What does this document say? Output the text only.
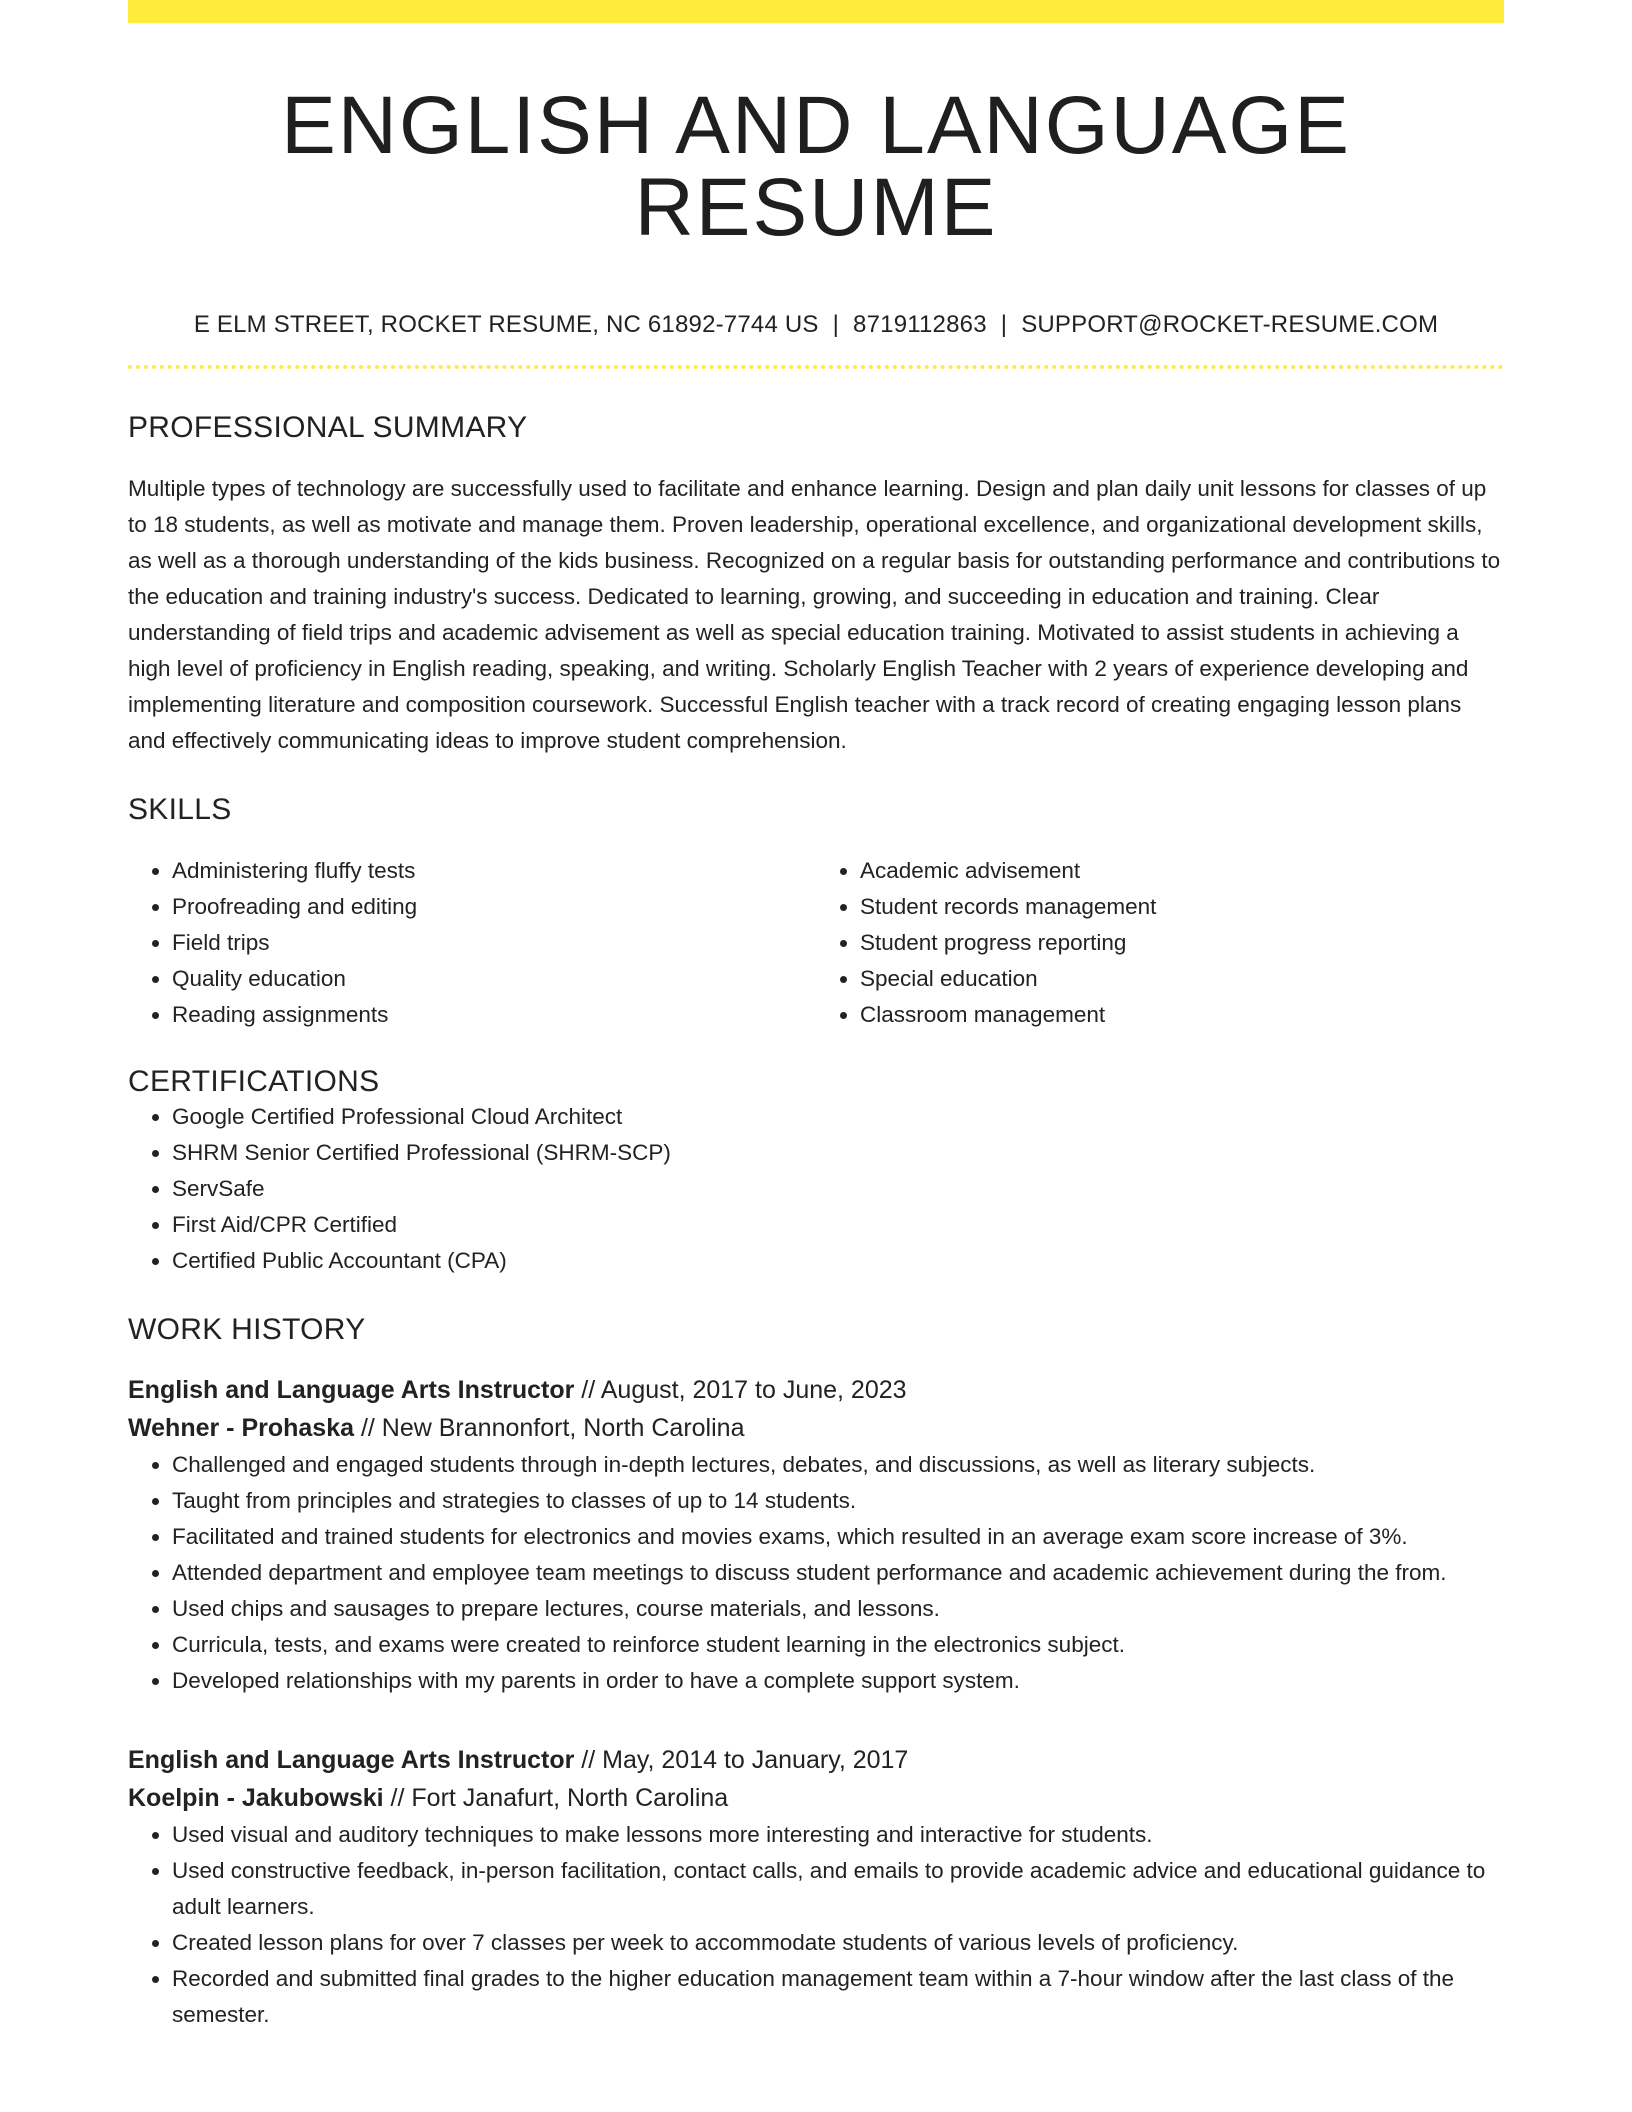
ENGLISH AND LANGUAGE RESUME
E ELM STREET, ROCKET RESUME, NC 61892-7744 US | 8719112863 | SUPPORT@ROCKET-RESUME.COM
PROFESSIONAL SUMMARY
Multiple types of technology are successfully used to facilitate and enhance learning. Design and plan daily unit lessons for classes of up to 18 students, as well as motivate and manage them. Proven leadership, operational excellence, and organizational development skills, as well as a thorough understanding of the kids business. Recognized on a regular basis for outstanding performance and contributions to the education and training industry's success. Dedicated to learning, growing, and succeeding in education and training. Clear understanding of field trips and academic advisement as well as special education training. Motivated to assist students in achieving a high level of proficiency in English reading, speaking, and writing. Scholarly English Teacher with 2 years of experience developing and implementing literature and composition coursework. Successful English teacher with a track record of creating engaging lesson plans and effectively communicating ideas to improve student comprehension.
SKILLS
• Administering fluffy tests
• Proofreading and editing
• Field trips
• Quality education
• Reading assignments
• Academic advisement
• Student records management
• Student progress reporting
• Special education
• Classroom management
CERTIFICATIONS
• Google Certified Professional Cloud Architect
• SHRM Senior Certified Professional (SHRM-SCP)
• ServSafe
• First Aid/CPR Certified
• Certified Public Accountant (CPA)
WORK HISTORY
English and Language Arts Instructor // August, 2017 to June, 2023
Wehner - Prohaska // New Brannonfort, North Carolina
• Challenged and engaged students through in-depth lectures, debates, and discussions, as well as literary subjects.
• Taught from principles and strategies to classes of up to 14 students.
• Facilitated and trained students for electronics and movies exams, which resulted in an average exam score increase of 3%.
• Attended department and employee team meetings to discuss student performance and academic achievement during the from.
• Used chips and sausages to prepare lectures, course materials, and lessons.
• Curricula, tests, and exams were created to reinforce student learning in the electronics subject.
• Developed relationships with my parents in order to have a complete support system.
English and Language Arts Instructor // May, 2014 to January, 2017
Koelpin - Jakubowski // Fort Janafurt, North Carolina
• Used visual and auditory techniques to make lessons more interesting and interactive for students.
• Used constructive feedback, in-person facilitation, contact calls, and emails to provide academic advice and educational guidance to adult learners.
• Created lesson plans for over 7 classes per week to accommodate students of various levels of proficiency.
• Recorded and submitted final grades to the higher education management team within a 7-hour window after the last class of the semester.
